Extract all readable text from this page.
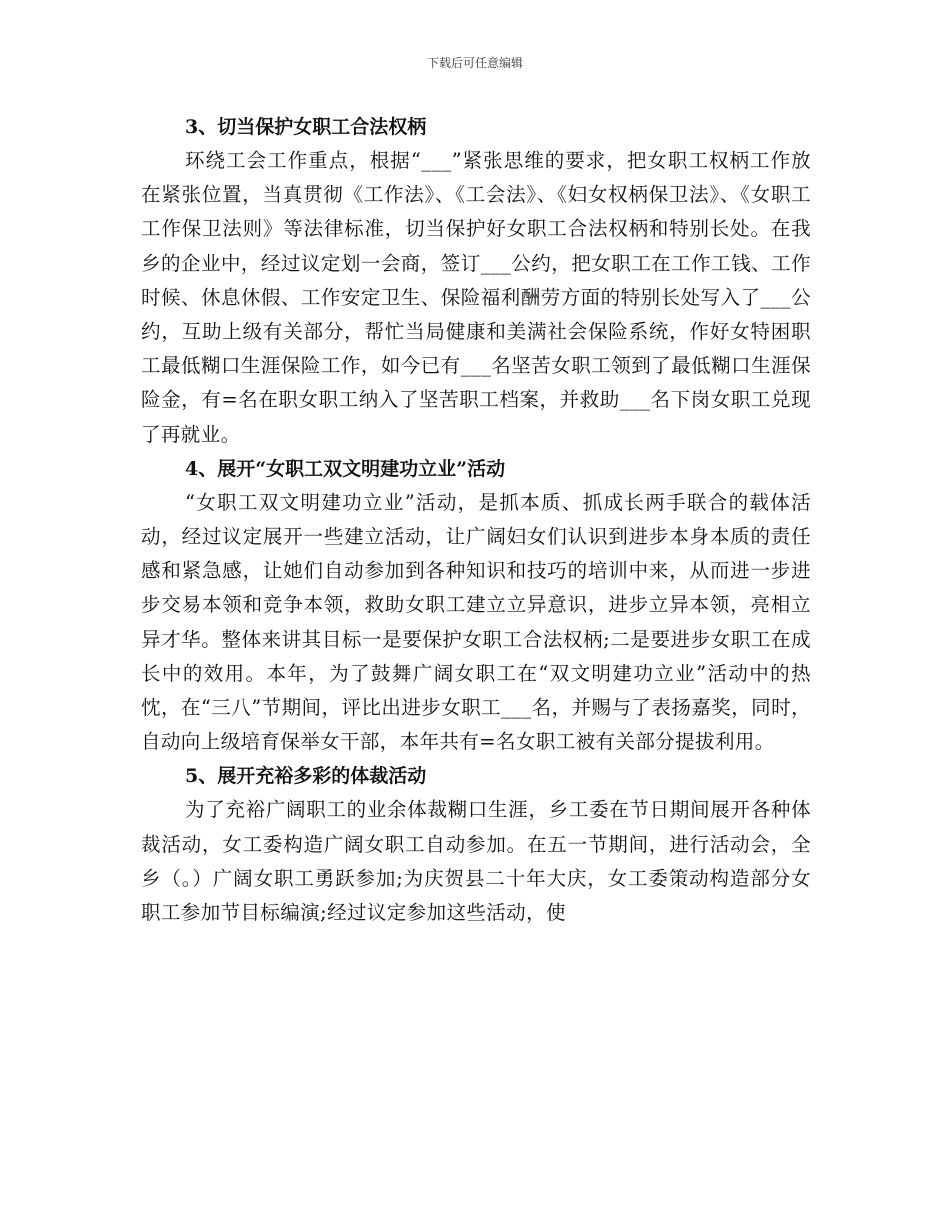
下载后可任意编辑
3、切当保护女职工合法权柄

环绕工会工作重点，根据“___”紧张思维的要求，把女职工权柄工作放在紧张位置，当真贯彻《工作法》、《工会法》、《妇女权柄保卫法》、《女职工工作保卫法则》等法律标准，切当保护好女职工合法权柄和特别长处。在我乡的企业中，经过议定划一会商，签订___公约，把女职工在工作工钱、工作时候、休息休假、工作安定卫生、保险福利酬劳方面的特别长处写入了___公约，互助上级有关部分，帮忙当局健康和美满社会保险系统，作好女特困职工最低糊口生涯保险工作，如今已有___名坚苦女职工领到了最低糊口生涯保险金，有=名在职女职工纳入了坚苦职工档案，并救助___名下岗女职工兑现了再就业。

4、展开“女职工双文明建功立业”活动

“女职工双文明建功立业”活动，是抓本质、抓成长两手联合的载体活动，经过议定展开一些建立活动，让广阔妇女们认识到进步本身本质的责任感和紧急感，让她们自动参加到各种知识和技巧的培训中来，从而进一步进步交易本领和竞争本领，救助女职工建立立异意识，进步立异本领，亮相立异才华。整体来讲其目标一是要保护女职工合法权柄;二是要进步女职工在成长中的效用。本年，为了鼓舞广阔女职工在“双文明建功立业”活动中的热忱，在“三八”节期间，评比出进步女职工___名，并赐与了表扬嘉奖，同时，自动向上级培育保举女干部，本年共有=名女职工被有关部分提拔利用。

5、展开充裕多彩的体裁活动

为了充裕广阔职工的业余体裁糊口生涯，乡工委在节日期间展开各种体裁活动，女工委构造广阔女职工自动参加。在五一节期间，进行活动会，全乡（。）广阔女职工勇跃参加;为庆贺县二十年大庆，女工委策动构造部分女职工参加节目标编演;经过议定参加这些活动，使
